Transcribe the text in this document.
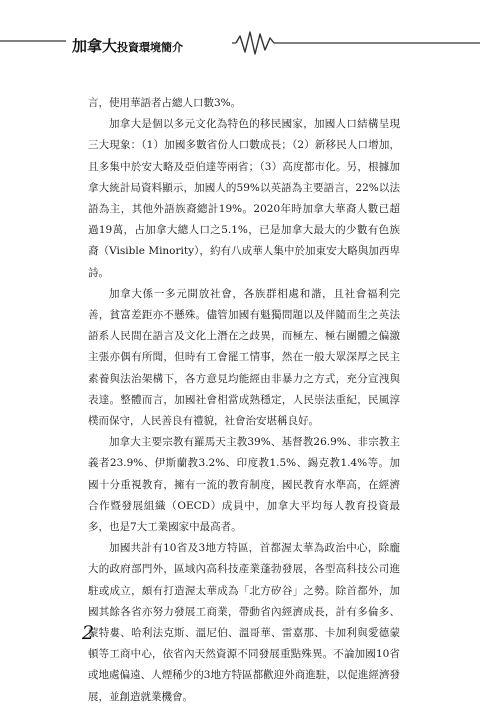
加拿大投資環境簡介

言，使用華語者占總人口數3%。

加拿大是個以多元文化為特色的移民國家，加國人口結構呈現三大現象：（1）加國多數省份人口數成長；（2）新移民人口增加，且多集中於安大略及亞伯達等兩省；（3）高度都市化。另，根據加拿大統計局資料顯示，加國人的59%以英語為主要語言，22%以法語為主，其他外語族裔總計19%。2020年時加拿大華裔人數已超過19萬，占加拿大總人口之5.1%，已是加拿大最大的少數有色族裔（Visible Minority），約有八成華人集中於加東安大略與加西卑詩。

加拿大係一多元開放社會，各族群相處和諧，且社會福利完善，貧富差距亦不懸殊。儘管加國有魁獨問題以及伴隨而生之英法語系人民間在語言及文化上潛在之歧異，而極左、極右團體之偏激主張亦偶有所聞，但時有工會罷工情事，然在一般大眾深厚之民主素養與法治架構下，各方意見均能經由非暴力之方式，充分宣洩與表達。整體而言，加國社會相當成熟穩定，人民崇法重紀，民風淳樸而保守，人民善良有禮貌，社會治安堪稱良好。

加拿大主要宗教有羅馬天主教39%、基督教26.9%、非宗教主義者23.9%、伊斯蘭教3.2%、印度教1.5%、錫克教1.4%等。加國十分重視教育，擁有一流的教育制度，國民教育水準高，在經濟合作暨發展組織（OECD）成員中，加拿大平均每人教育投資最多，也是7大工業國家中最高者。

加國共計有10省及3地方特區，首都渥太華為政治中心，除龐大的政府部門外，區域內高科技產業蓬勃發展，各型高科技公司進駐或成立，頗有打造渥太華成為「北方矽谷」之勢。除首都外，加國其餘各省亦努力發展工商業，帶動省內經濟成長，計有多倫多、蒙特婁、哈利法克斯、溫尼伯、溫哥華、雷嘉那、卡加利與愛德蒙頓等工商中心，依省內天然資源不同發展重點殊異。不論加國10省或地處偏遠、人煙稀少的3地方特區都歡迎外商進駐，以促進經濟發展，並創造就業機會。

2
